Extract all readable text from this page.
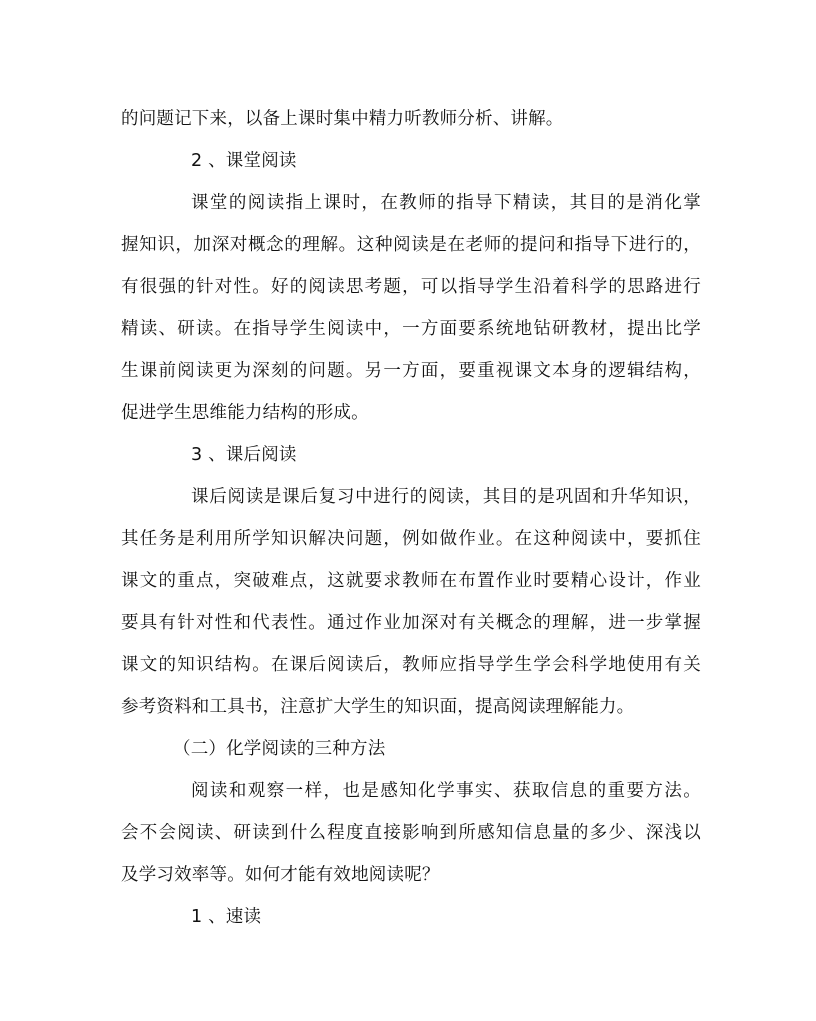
的问题记下来，以备上课时集中精力听教师分析、讲解。
2 、课堂阅读
课堂的阅读指上课时，在教师的指导下精读，其目的是消化掌
握知识，加深对概念的理解。这种阅读是在老师的提问和指导下进行的，
有很强的针对性。好的阅读思考题，可以指导学生沿着科学的思路进行
精读、研读。在指导学生阅读中，一方面要系统地钻研教材，提出比学
生课前阅读更为深刻的问题。另一方面，要重视课文本身的逻辑结构，
促进学生思维能力结构的形成。
3 、课后阅读
课后阅读是课后复习中进行的阅读，其目的是巩固和升华知识，
其任务是利用所学知识解决问题，例如做作业。在这种阅读中，要抓住
课文的重点，突破难点，这就要求教师在布置作业时要精心设计，作业
要具有针对性和代表性。通过作业加深对有关概念的理解，进一步掌握
课文的知识结构。在课后阅读后，教师应指导学生学会科学地使用有关
参考资料和工具书，注意扩大学生的知识面，提高阅读理解能力。
（二）化学阅读的三种方法
阅读和观察一样，也是感知化学事实、获取信息的重要方法。
会不会阅读、研读到什么程度直接影响到所感知信息量的多少、深浅以
及学习效率等。如何才能有效地阅读呢？
1 、速读
